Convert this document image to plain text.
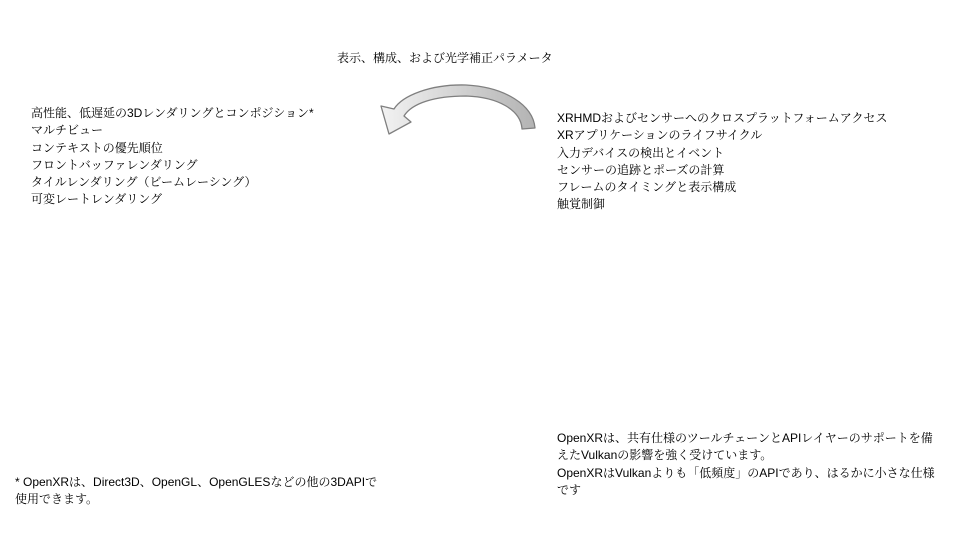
表示、構成、および光学補正パラメータ
高性能、低遅延の3Dレンダリングとコンポジション*
マルチビュー
コンテキストの優先順位
フロントバッファレンダリング
タイルレンダリング（ビームレーシング）
可変レートレンダリング
XRHMDおよびセンサーへのクロスプラットフォームアクセス
XRアプリケーションのライフサイクル
入力デバイスの検出とイベント
センサーの追跡とポーズの計算
フレームのタイミングと表示構成
触覚制御
* OpenXRは、Direct3D、OpenGL、OpenGLESなどの他の3DAPIで
使用できます。
OpenXRは、共有仕様のツールチェーンとAPIレイヤーのサポートを備
えたVulkanの影響を強く受けています。
OpenXRはVulkanよりも「低頻度」のAPIであり、はるかに小さな仕様
です
